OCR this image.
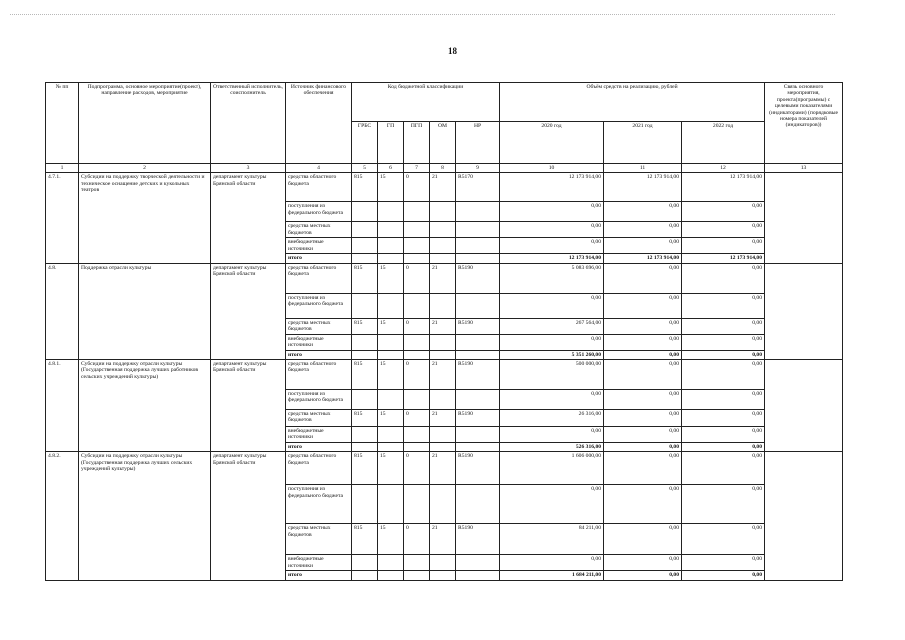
18
№ пп	Подпрограмма, основное мероприятие(проект), направление расходов, мероприятие	Ответственный исполнитель, соисполнитель	Источник финансового обеспечения	Код бюджетной классификации					Объём средств на реализацию, рублей			Связь основного мероприятия, проекта(программы) с целевыми показателями (индикаторами) (порядковые номера показателей (индикаторов))
				ГРБС	ГП	ПГП	ОМ	НР	2020 год	2021 год	2022 год	
1	2	3	4	5	6	7	8	9	10	11	12	13
4.7.1.	Субсидии на поддержку творческой деятельности и техническое оснащение детских и кукольных театров	департамент культуры Брянской области	средства областного бюджета	815	15	0	21	R5170	12 173 914,00	12 173 914,00	12 173 914,00	
			поступления из федерального бюджета						0,00	0,00	0,00	
			средства местных бюджетов						0,00	0,00	0,00	
			внебюджетные источники						0,00	0,00	0,00	
			итого						12 173 914,00	12 173 914,00	12 173 914,00	
4.8.	Поддержка отрасли культуры	департамент культуры Брянской области	средства областного бюджета	815	15	0	21	R5190	5 083 696,00	0,00	0,00	
			поступления из федерального бюджета						0,00	0,00	0,00	
			средства местных бюджетов	815	15	0	21	R5190	267 564,00	0,00	0,00	
			внебюджетные источники						0,00	0,00	0,00	
			итого						5 351 260,00	0,00	0,00	
4.8.1.	Субсидии на поддержку отрасли культуры (Государственная поддержка лучших работников сельских учреждений культуры)	департамент культуры Брянской области	средства областного бюджета	815	15	0	21	R5190	500 000,00	0,00	0,00	
			поступления из федерального бюджета						0,00	0,00	0,00	
			средства местных бюджетов	815	15	0	21	R5190	26 316,00	0,00	0,00	
			внебюджетные источники						0,00	0,00	0,00	
			итого						526 316,00	0,00	0,00	
4.8.2.	Субсидии на поддержку отрасли культуры (Государственная поддержка лучших сельских учреждений культуры)	департамент культуры Брянской области	средства областного бюджета	815	15	0	21	R5190	1 606 000,00	0,00	0,00	
			поступления из федерального бюджета						0,00	0,00	0,00	
			средства местных бюджетов	815	15	0	21	R5190	84 211,00	0,00	0,00	
			внебюджетные источники						0,00	0,00	0,00	
			итого						1 684 211,00	0,00	0,00	
